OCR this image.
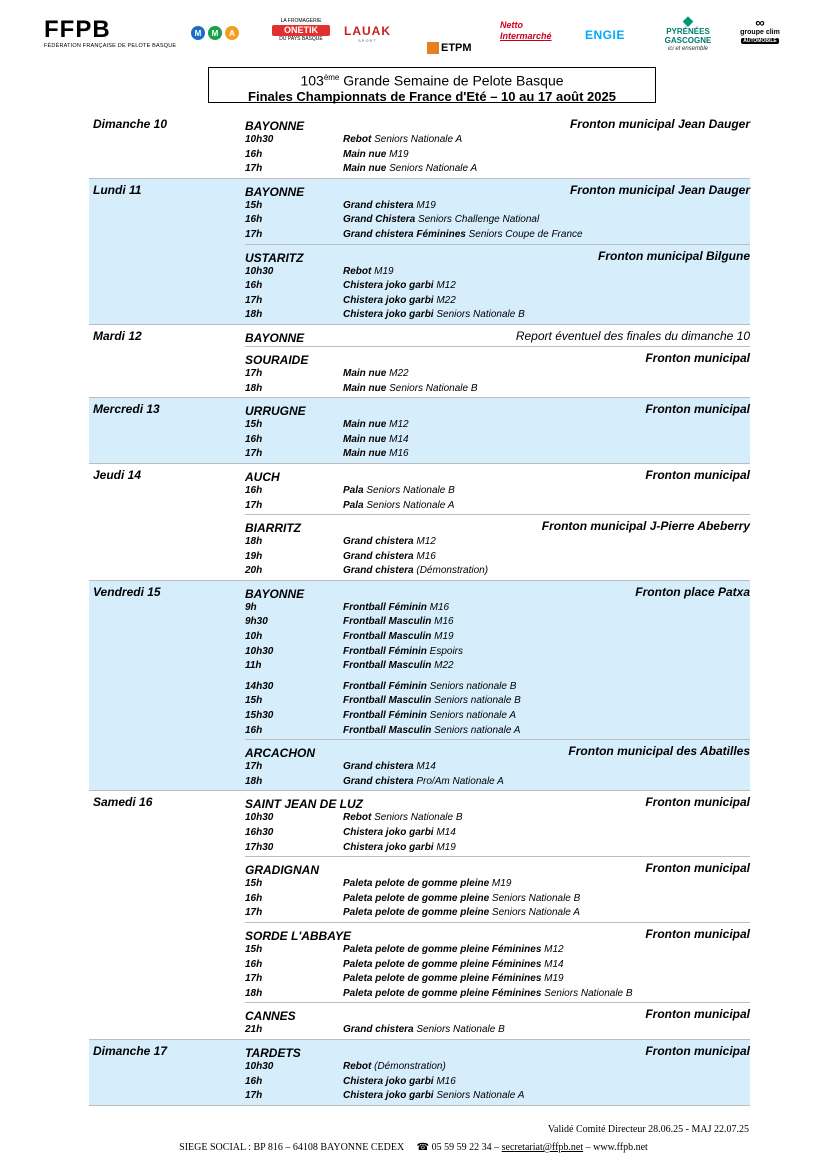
FFPB
FÉDÉRATION FRANÇAISE DE PELOTE BASQUE
M	M	A
LA FROMAGERIE
ONETIK
DU PAYS BASQUE
LAUAK
SPORT
ETPM
Netto
Intermarché	ENGIE
◆
PYRÉNÉES
GASCOGNE
ici et ensemble
∞
groupe clim
AUTOMOBILE
103ème Grande Semaine de Pelote Basque
Finales Championnats de France d'Eté – 10 au 17 août 2025
Dimanche 10	BAYONNE	Fronton municipal Jean Dauger
10h30	Rebot Seniors Nationale A
16h	Main nue M19
17h	Main nue Seniors Nationale A
Lundi 11	BAYONNE	Fronton municipal Jean Dauger
15h	Grand chistera M19
16h	Grand Chistera Seniors Challenge National
17h	Grand chistera Féminines Seniors Coupe de France
USTARITZ	Fronton municipal Bilgune
10h30	Rebot M19
16h	Chistera joko garbi M12
17h	Chistera joko garbi M22
18h	Chistera joko garbi Seniors Nationale B
Mardi 12	BAYONNE	Report éventuel des finales du dimanche 10
SOURAIDE	Fronton municipal
17h	Main nue M22
18h	Main nue Seniors Nationale B
Mercredi 13	URRUGNE	Fronton municipal
15h	Main nue M12
16h	Main nue M14
17h	Main nue M16
Jeudi 14	AUCH	Fronton municipal
16h	Pala Seniors Nationale B
17h	Pala Seniors Nationale A
BIARRITZ	Fronton municipal J-Pierre Abeberry
18h	Grand chistera M12
19h	Grand chistera M16
20h	Grand chistera (Démonstration)
Vendredi 15	BAYONNE	Fronton place Patxa
9h	Frontball Féminin M16
9h30	Frontball Masculin M16
10h	Frontball Masculin M19
10h30	Frontball Féminin Espoirs
11h	Frontball Masculin M22
14h30	Frontball Féminin Seniors nationale B
15h	Frontball Masculin Seniors nationale B
15h30	Frontball Féminin Seniors nationale A
16h	Frontball Masculin Seniors nationale A
ARCACHON	Fronton municipal des Abatilles
17h	Grand chistera M14
18h	Grand chistera Pro/Am Nationale A
Samedi 16	SAINT JEAN DE LUZ	Fronton municipal
10h30	Rebot Seniors Nationale B
16h30	Chistera joko garbi M14
17h30	Chistera joko garbi M19
GRADIGNAN	Fronton municipal
15h	Paleta pelote de gomme pleine M19
16h	Paleta pelote de gomme pleine Seniors Nationale B
17h	Paleta pelote de gomme pleine Seniors Nationale A
SORDE L'ABBAYE	Fronton municipal
15h	Paleta pelote de gomme pleine Féminines M12
16h	Paleta pelote de gomme pleine Féminines M14
17h	Paleta pelote de gomme pleine Féminines M19
18h	Paleta pelote de gomme pleine Féminines Seniors Nationale B
CANNES	Fronton municipal
21h	Grand chistera Seniors Nationale B
Dimanche 17	TARDETS	Fronton municipal
10h30	Rebot (Démonstration)
16h	Chistera joko garbi M16
17h	Chistera joko garbi Seniors Nationale A
Validé Comité Directeur 28.06.25 - MAJ 22.07.25
SIEGE SOCIAL : BP 816 – 64108 BAYONNE CEDEX ☎ 05 59 59 22 34 – secretariat@ffpb.net – www.ffpb.net
